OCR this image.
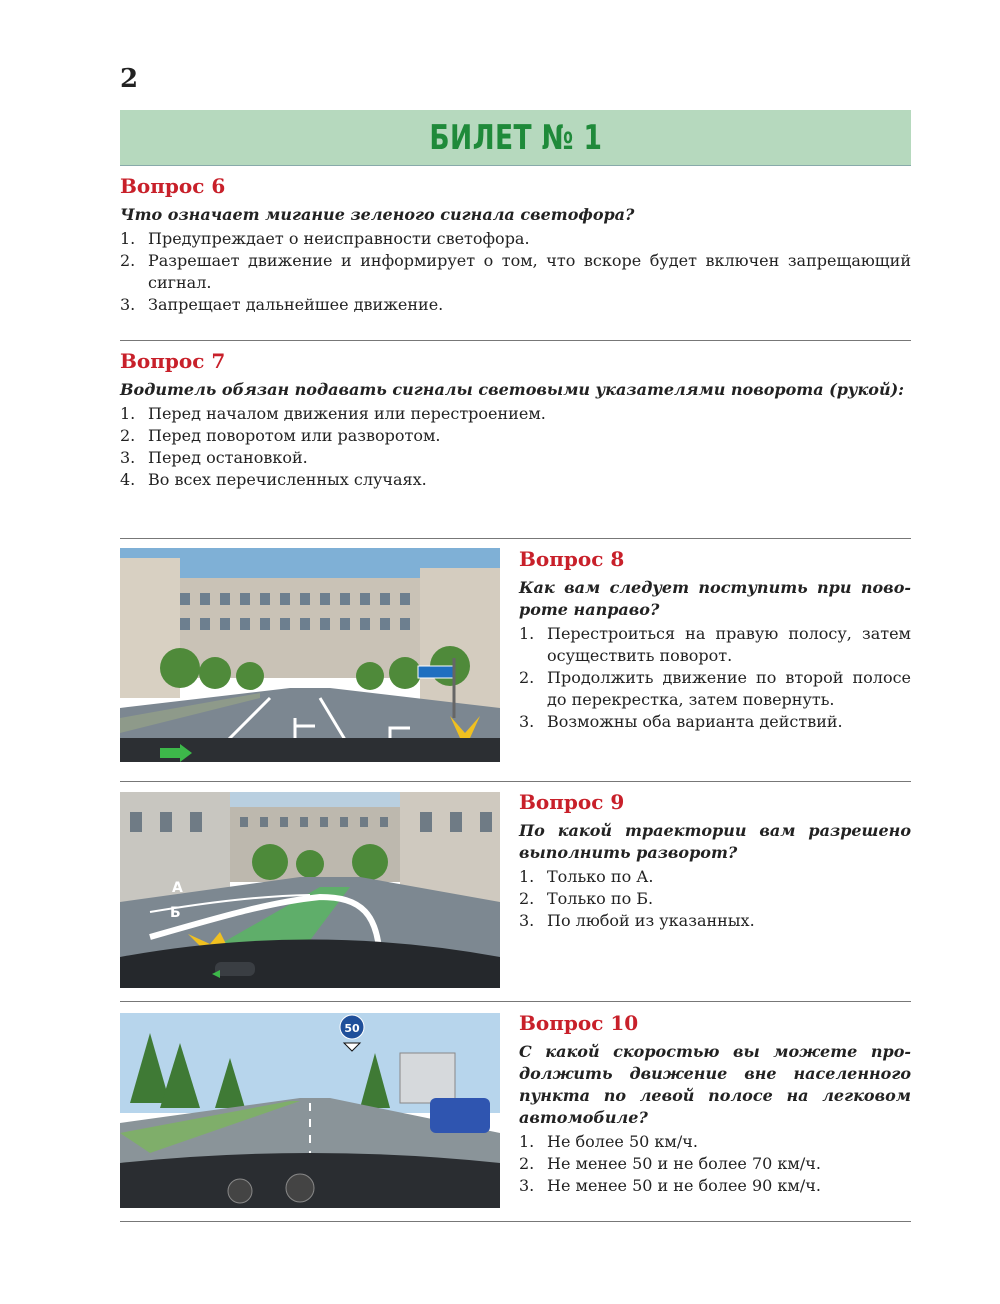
2
БИЛЕТ № 1
Вопрос 6
Что означает мигание зеленого сигнала светофора?
1. Предупреждает о неисправности светофора.
2. Разрешает движение и информирует о том, что вскоре будет включен запрещающий сигнал.
3. Запрещает дальнейшее движение.
Вопрос 7
Водитель обязан подавать сигналы световыми указателями поворота (рукой):
1. Перед началом движения или перестроением.
2. Перед поворотом или разворотом.
3. Перед остановкой.
4. Во всех перечисленных случаях.
Вопрос 8
Как вам следует поступить при повороте направо?
1. Перестроиться на правую полосу, затем осуществить поворот.
2. Продолжить движение по второй полосе до перекрестка, затем повернуть.
3. Возможны оба варианта действий.
А
Б
Вопрос 9
По какой траектории вам разрешено выполнить разворот?
1. Только по А.
2. Только по Б.
3. По любой из указанных.
50	Вопрос 10
С какой скоростью вы можете продолжить движение вне населенного пункта по левой полосе на легковом автомобиле?
1. Не более 50 км/ч.
2. Не менее 50 и не более 70 км/ч.
3. Не менее 50 и не более 90 км/ч.
